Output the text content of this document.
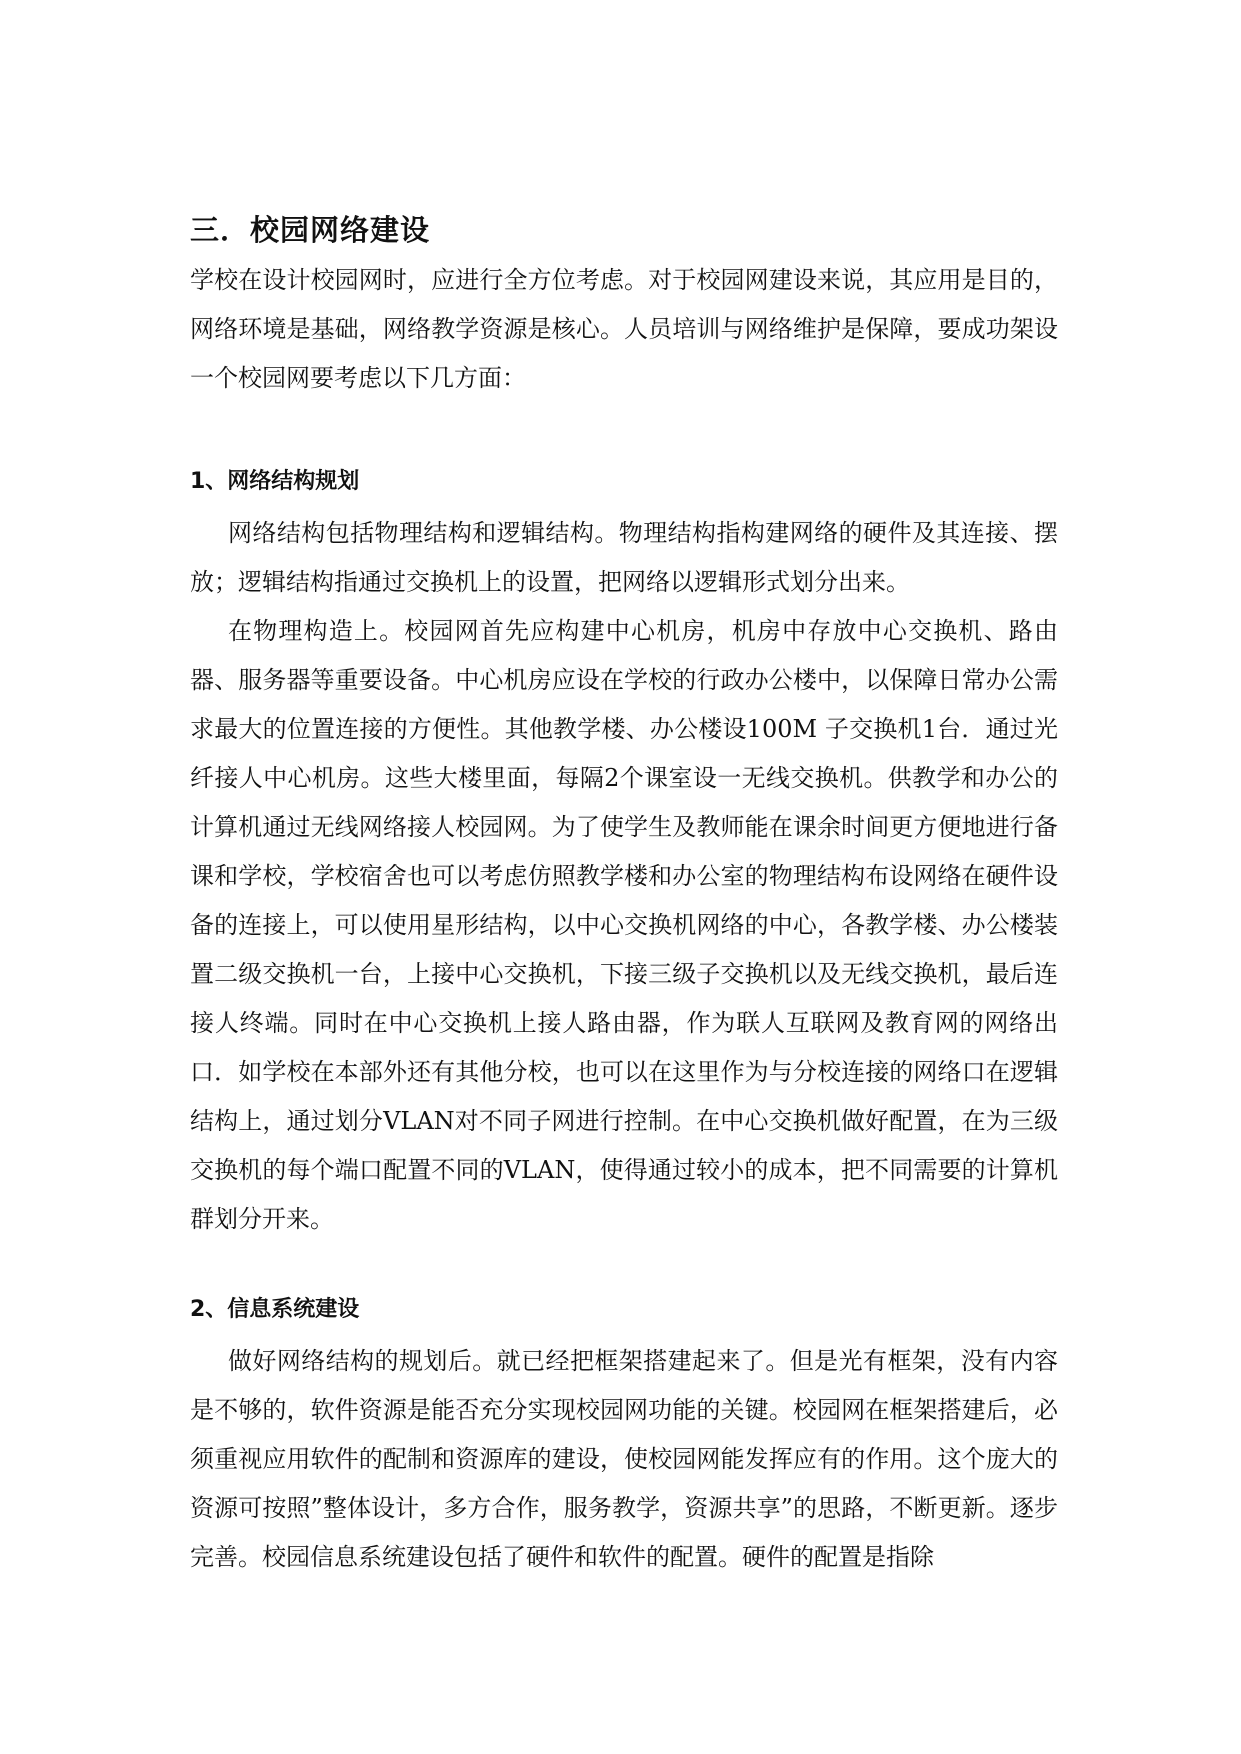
三．校园网络建设

学校在设计校园网时，应进行全方位考虑。对于校园网建设来说，其应用是目的，网络环境是基础，网络教学资源是核心。人员培训与网络维护是保障，要成功架设一个校园网要考虑以下几方面：

1、网络结构规划

网络结构包括物理结构和逻辑结构。物理结构指构建网络的硬件及其连接、摆放；逻辑结构指通过交换机上的设置，把网络以逻辑形式划分出来。

在物理构造上。校园网首先应构建中心机房，机房中存放中心交换机、路由器、服务器等重要设备。中心机房应设在学校的行政办公楼中，以保障日常办公需求最大的位置连接的方便性。其他教学楼、办公楼设100M 子交换机1台．通过光纤接人中心机房。这些大楼里面，每隔2个课室设一无线交换机。供教学和办公的计算机通过无线网络接人校园网。为了使学生及教师能在课余时间更方便地进行备课和学校，学校宿舍也可以考虑仿照教学楼和办公室的物理结构布设网络在硬件设备的连接上，可以使用星形结构，以中心交换机网络的中心，各教学楼、办公楼装置二级交换机一台，上接中心交换机，下接三级子交换机以及无线交换机，最后连接人终端。同时在中心交换机上接人路由器，作为联人互联网及教育网的网络出口．如学校在本部外还有其他分校，也可以在这里作为与分校连接的网络口在逻辑结构上，通过划分VLAN对不同子网进行控制。在中心交换机做好配置，在为三级交换机的每个端口配置不同的VLAN，使得通过较小的成本，把不同需要的计算机群划分开来。

2、信息系统建设

做好网络结构的规划后。就已经把框架搭建起来了。但是光有框架，没有内容是不够的，软件资源是能否充分实现校园网功能的关键。校园网在框架搭建后，必须重视应用软件的配制和资源库的建设，使校园网能发挥应有的作用。这个庞大的资源可按照”整体设计，多方合作，服务教学，资源共享”的思路，不断更新。逐步完善。校园信息系统建设包括了硬件和软件的配置。硬件的配置是指除
